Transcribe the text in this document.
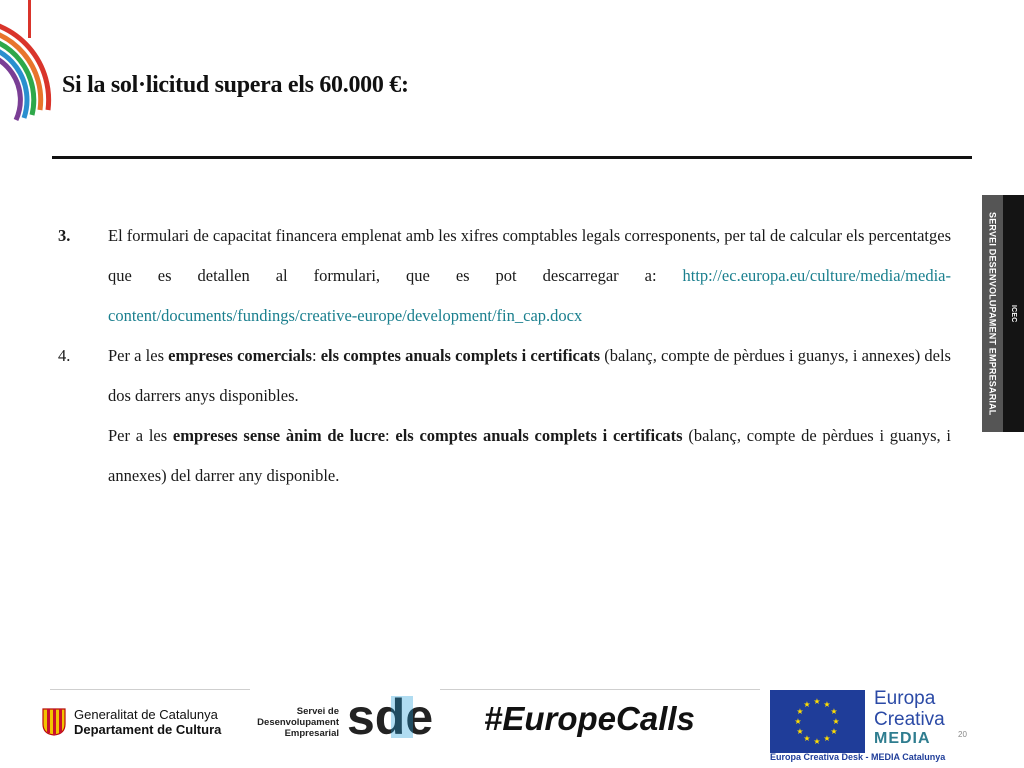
Si la sol·licitud supera els 60.000 €:
SERVEI DESENVOLUPAMENT EMPRESARIAL ICEC
3.	El formulari de capacitat financera emplenat amb les xifres comptables legals corresponents, per tal de calcular els percentatges que es detallen al formulari, que es pot descarregar a: http://ec.europa.eu/culture/media/media-content/documents/fundings/creative-europe/development/fin_cap.docx
4.	Per a les empreses comercials: els comptes anuals complets i certificats (balanç, compte de pèrdues i guanys, i annexes) dels dos darrers anys disponibles.
Per a les empreses sense ànim de lucre: els comptes anuals complets i certificats (balanç, compte de pèrdues i guanys, i annexes) del darrer any disponible.
Generalitat de Catalunya
Departament de Cultura
Servei de
Desenvolupament
Empresarial sde #EuropeCalls	★ ★
★
★
★
★
★
★
★
★
★
★	Europa
Creativa
MEDIA	20
Europa Creativa Desk - MEDIA Catalunya
